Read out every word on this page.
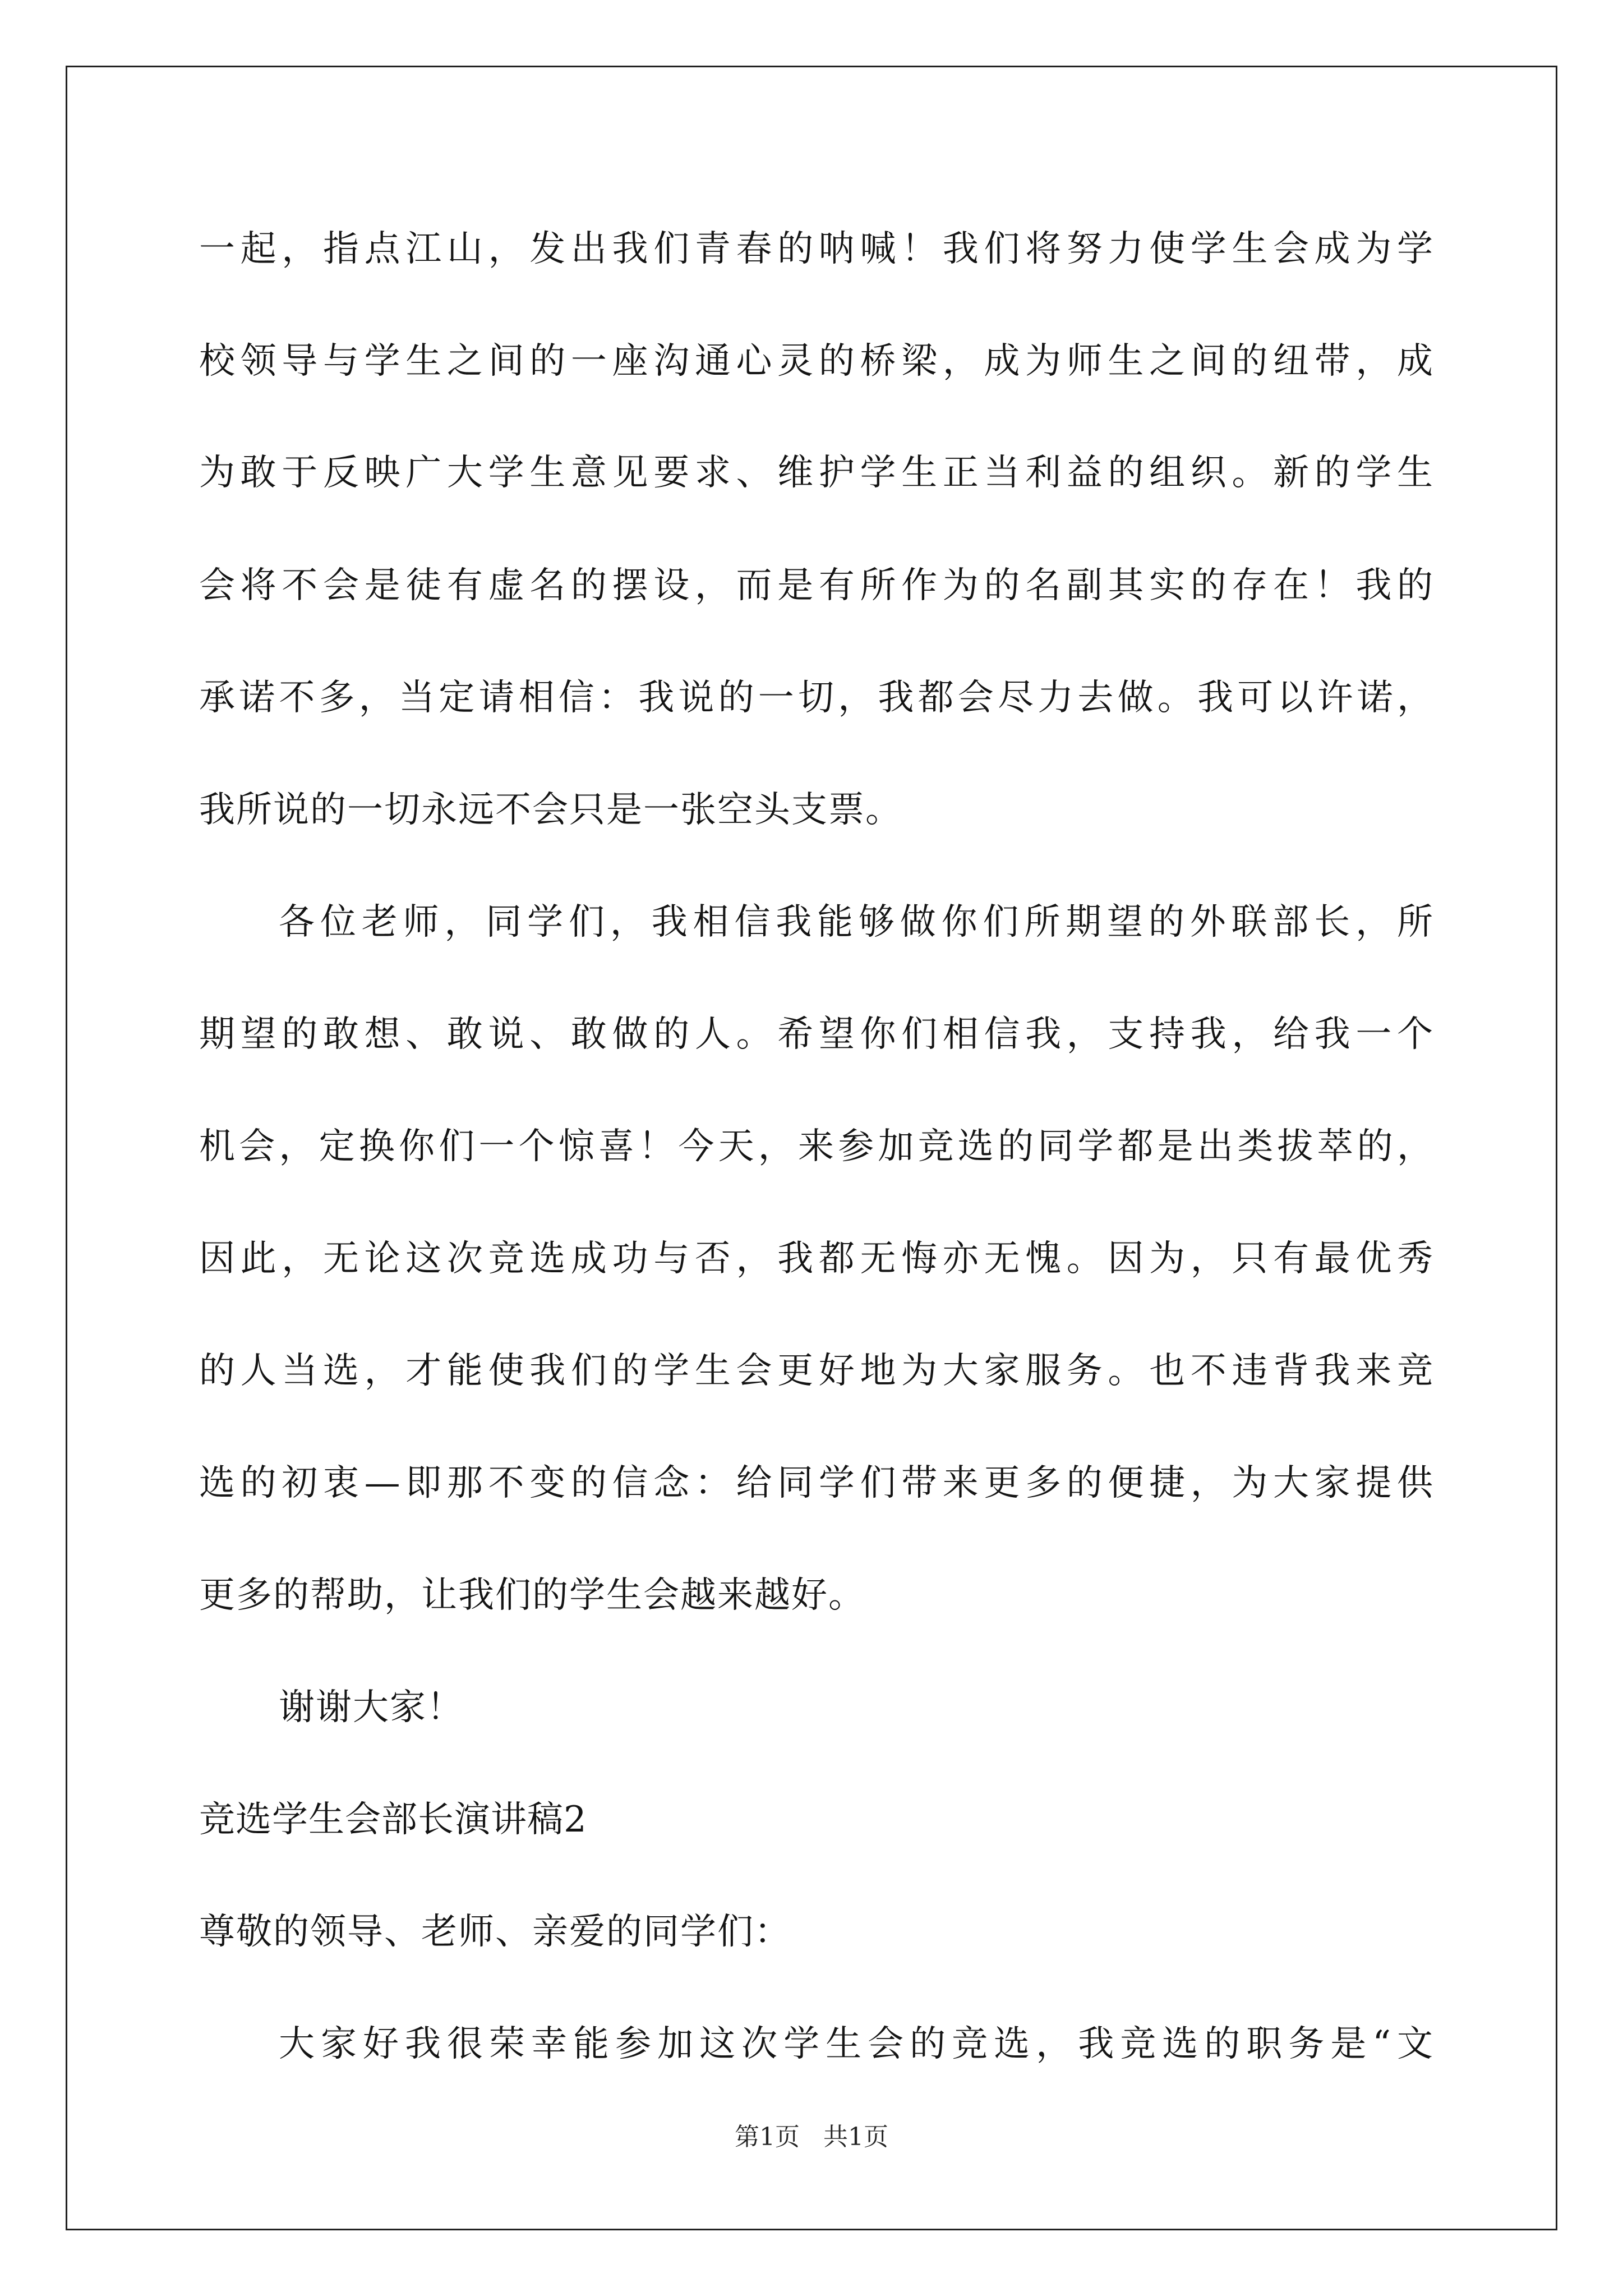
一起，指点江山，发出我们青春的呐喊！我们将努力使学生会成为学
校领导与学生之间的一座沟通心灵的桥梁，成为师生之间的纽带，成
为敢于反映广大学生意见要求、维护学生正当利益的组织。新的学生
会将不会是徒有虚名的摆设，而是有所作为的名副其实的存在！我的
承诺不多，当定请相信：我说的一切，我都会尽力去做。我可以许诺，
我所说的一切永远不会只是一张空头支票。
各位老师，同学们，我相信我能够做你们所期望的外联部长，所
期望的敢想、敢说、敢做的人。希望你们相信我，支持我，给我一个
机会，定换你们一个惊喜！今天，来参加竞选的同学都是出类拔萃的，
因此，无论这次竞选成功与否，我都无悔亦无愧。因为，只有最优秀
的人当选，才能使我们的学生会更好地为大家服务。也不违背我来竞
选的初衷—即那不变的信念：给同学们带来更多的便捷，为大家提供
更多的帮助，让我们的学生会越来越好。
谢谢大家！
竞选学生会部长演讲稿2
尊敬的领导、老师、亲爱的同学们：
大家好我很荣幸能参加这次学生会的竞选，我竞选的职务是“文
第1页   共1页
